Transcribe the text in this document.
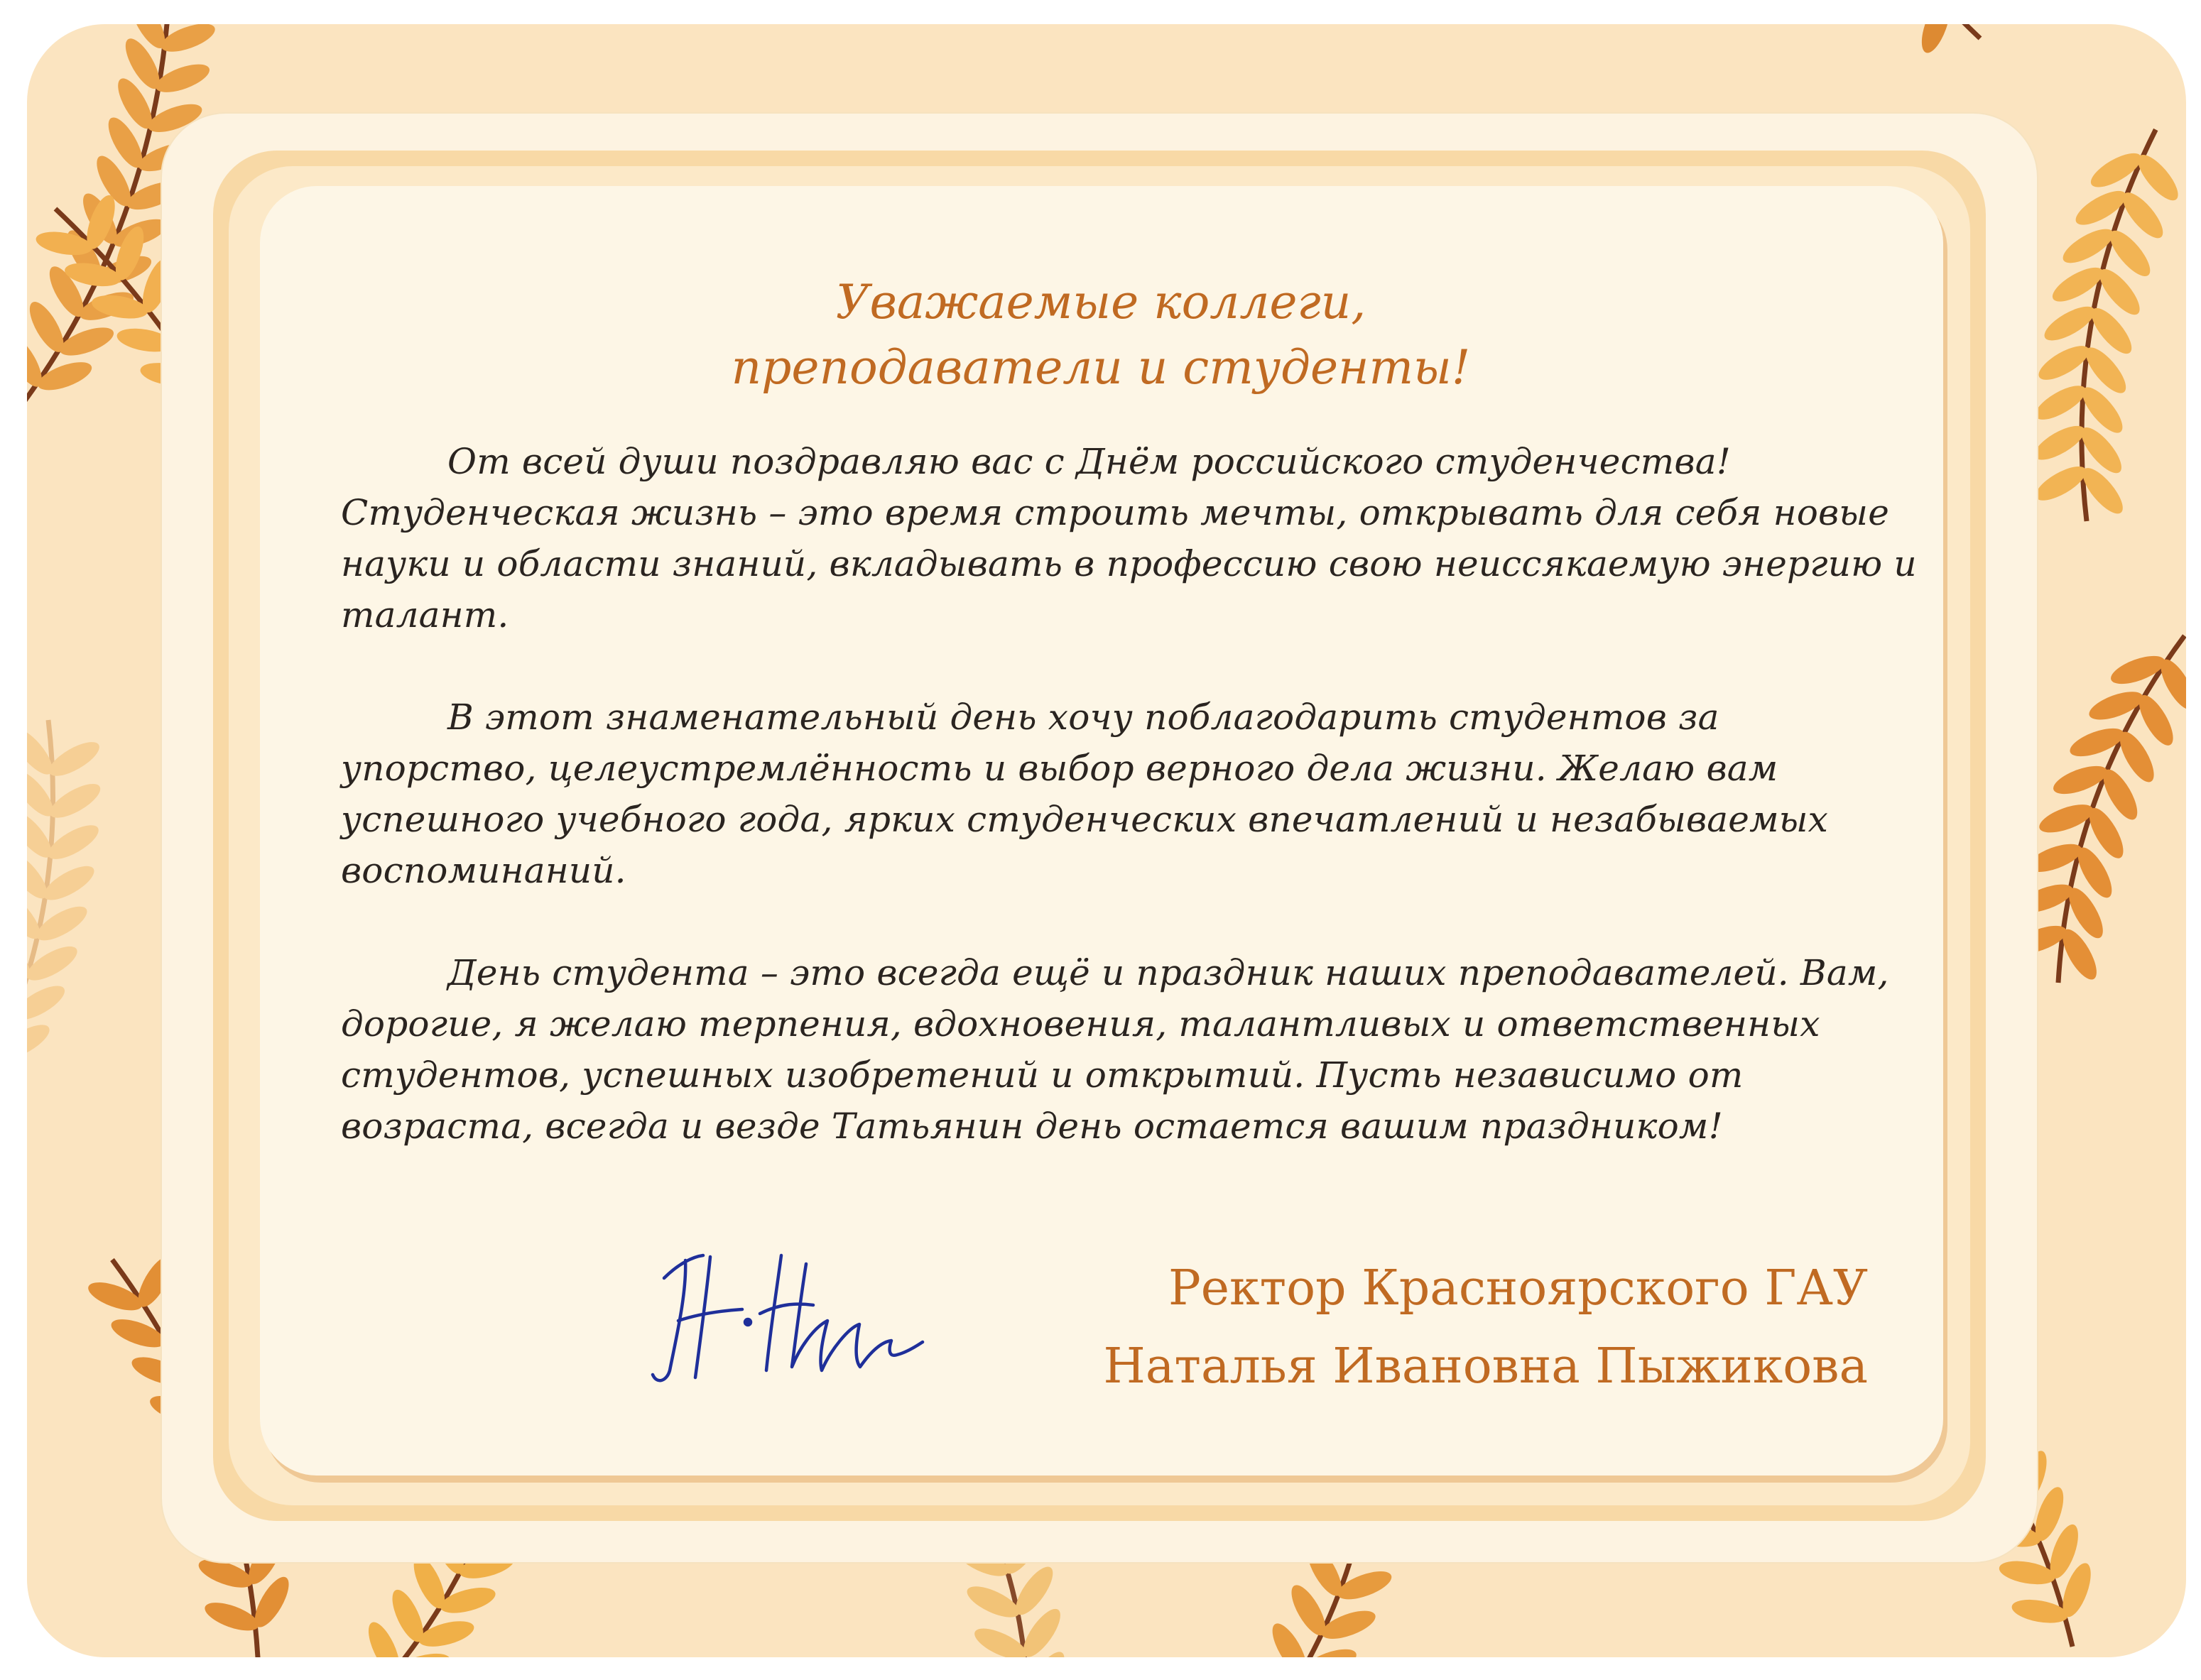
Уважаемые коллеги,
преподаватели и студенты!

От всей души поздравляю вас с Днём российского студенчества! Студенческая жизнь – это время строить мечты, открывать для себя новые науки и области знаний, вкладывать в профессию свою неиссякаемую энергию и талант.

В этот знаменательный день хочу поблагодарить студентов за упорство, целеустремлённость и выбор верного дела жизни. Желаю вам успешного учебного года, ярких студенческих впечатлений и незабываемых воспоминаний.

День студента – это всегда ещё и праздник наших преподавателей. Вам, дорогие, я желаю терпения, вдохновения, талантливых и ответственных студентов, успешных изобретений и открытий. Пусть независимо от возраста, всегда и везде Татьянин день остается вашим праздником!

Ректор Красноярского ГАУ
Наталья Ивановна Пыжикова
